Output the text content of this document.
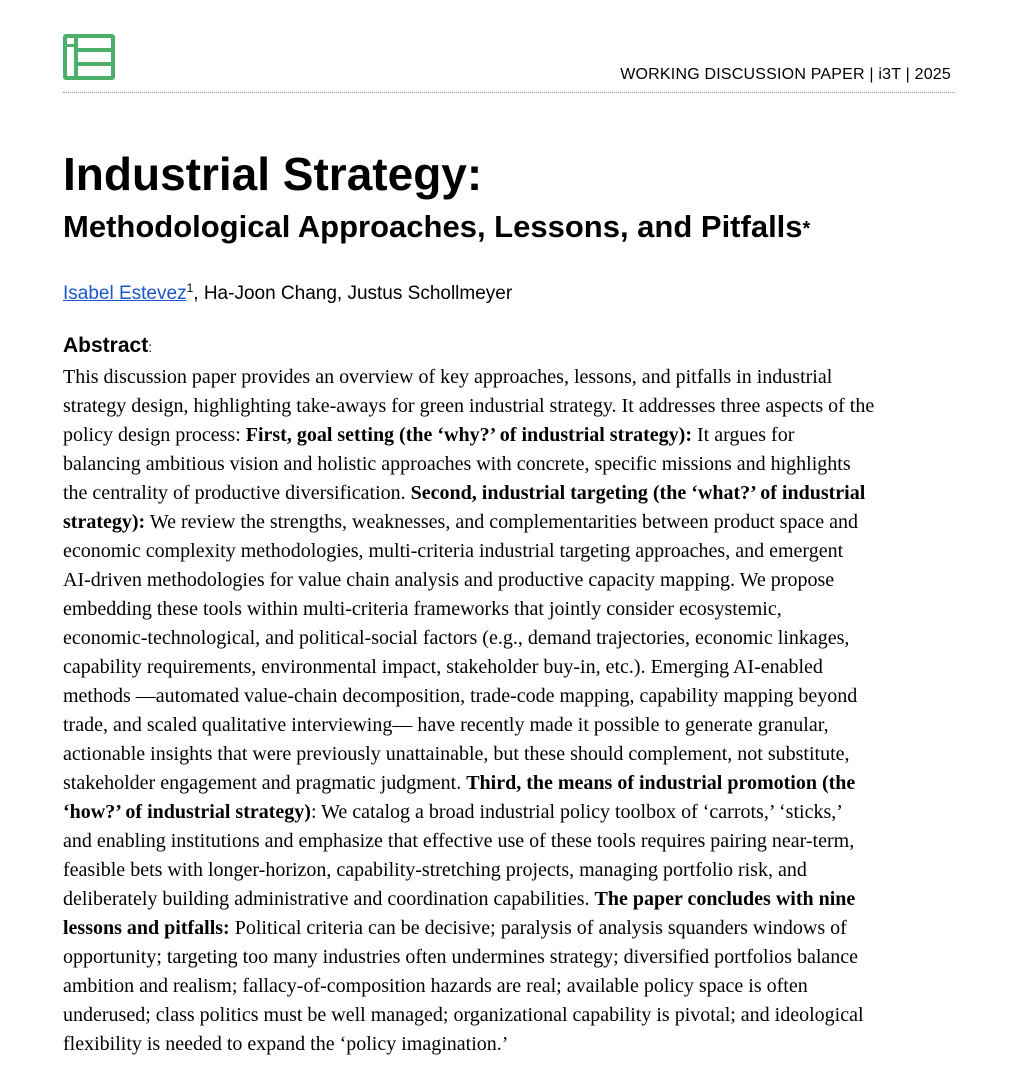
WORKING DISCUSSION PAPER | i3T | 2025
Industrial Strategy:
Methodological Approaches, Lessons, and Pitfalls*
Isabel Estevez$^1$, Ha-Joon Chang, Justus Schollmeyer
Abstract:
This discussion paper provides an overview of key approaches, lessons, and pitfalls in industrial
strategy design, highlighting take-aways for green industrial strategy. It addresses three aspects of the
policy design process: First, goal setting (the ‘why?’ of industrial strategy): It argues for
balancing ambitious vision and holistic approaches with concrete, specific missions and highlights
the centrality of productive diversification. Second, industrial targeting (the ‘what?’ of industrial
strategy): We review the strengths, weaknesses, and complementarities between product space and
economic complexity methodologies, multi-criteria industrial targeting approaches, and emergent
AI-driven methodologies for value chain analysis and productive capacity mapping. We propose
embedding these tools within multi-criteria frameworks that jointly consider ecosystemic,
economic-technological, and political-social factors (e.g., demand trajectories, economic linkages,
capability requirements, environmental impact, stakeholder buy-in, etc.). Emerging AI-enabled
methods —automated value-chain decomposition, trade-code mapping, capability mapping beyond
trade, and scaled qualitative interviewing— have recently made it possible to generate granular,
actionable insights that were previously unattainable, but these should complement, not substitute,
stakeholder engagement and pragmatic judgment. Third, the means of industrial promotion (the
‘how?’ of industrial strategy): We catalog a broad industrial policy toolbox of ‘carrots,’ ‘sticks,’
and enabling institutions and emphasize that effective use of these tools requires pairing near-term,
feasible bets with longer-horizon, capability-stretching projects, managing portfolio risk, and
deliberately building administrative and coordination capabilities. The paper concludes with nine
lessons and pitfalls: Political criteria can be decisive; paralysis of analysis squanders windows of
opportunity; targeting too many industries often undermines strategy; diversified portfolios balance
ambition and realism; fallacy-of-composition hazards are real; available policy space is often
underused; class politics must be well managed; organizational capability is pivotal; and ideological
flexibility is needed to expand the ‘policy imagination.’
